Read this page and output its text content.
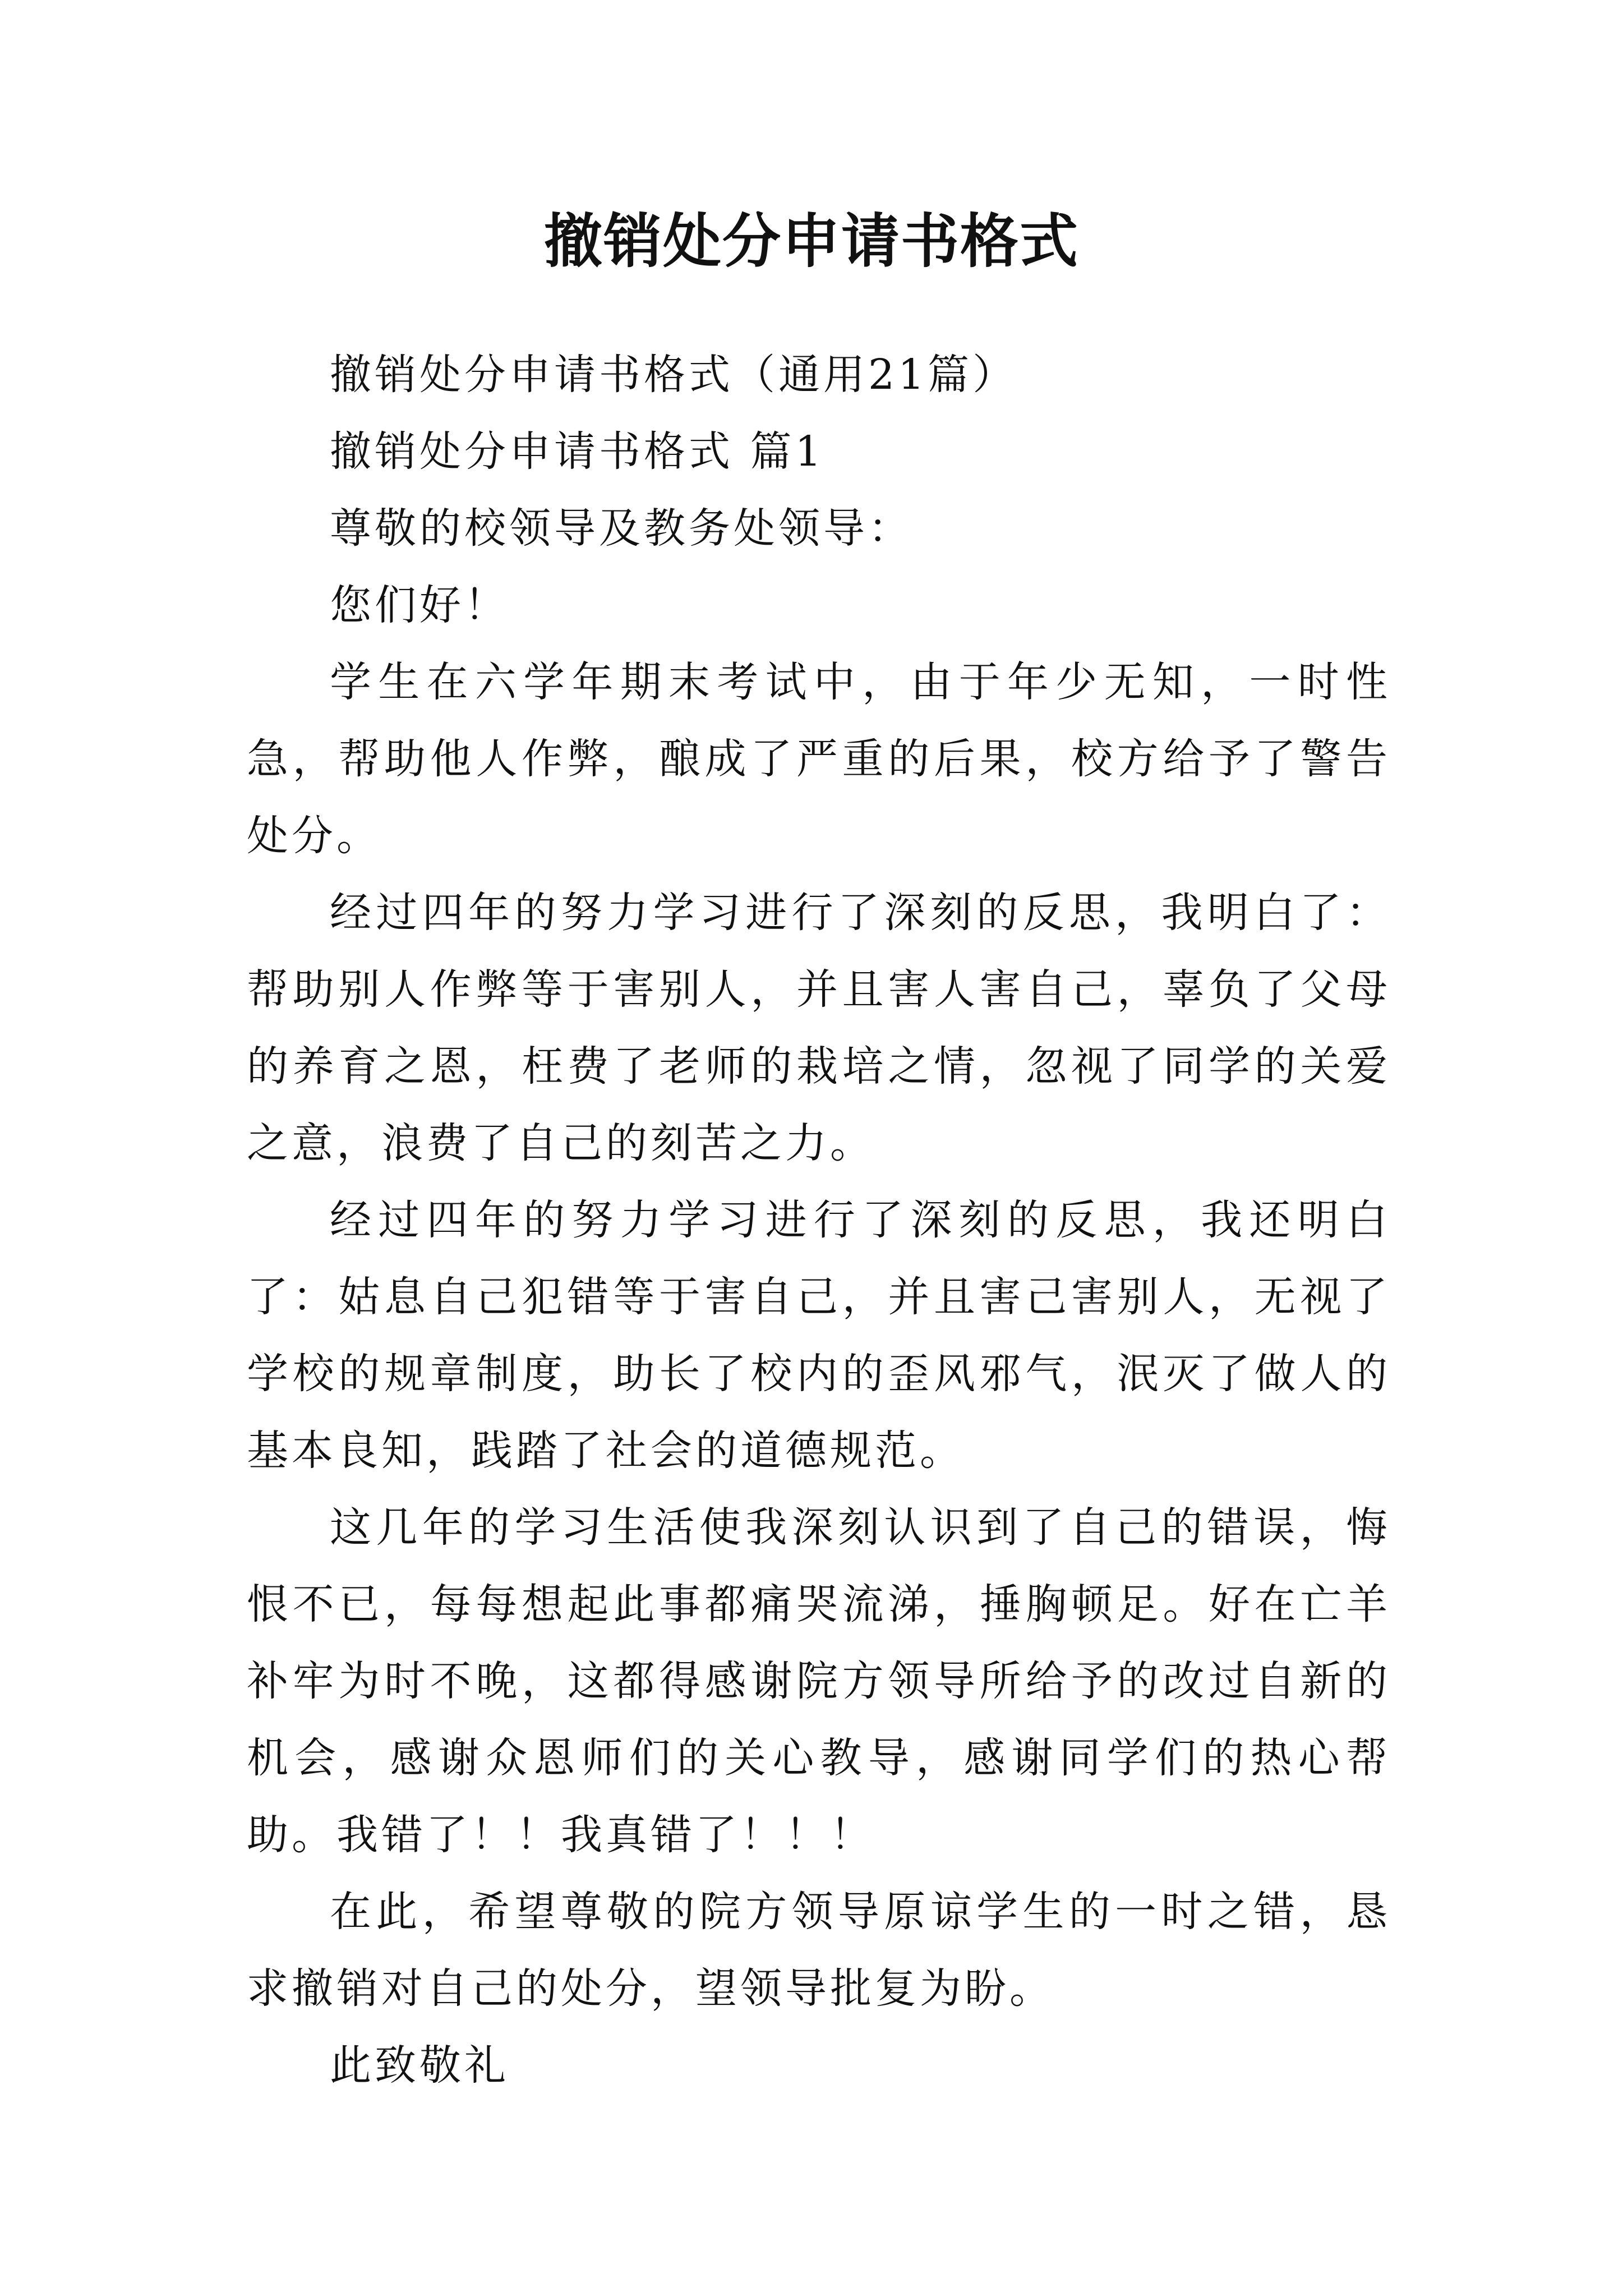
撤销处分申请书格式

撤销处分申请书格式（通用21篇）

撤销处分申请书格式 篇1

尊敬的校领导及教务处领导：

您们好！

学生在六学年期末考试中，由于年少无知，一时性急，帮助他人作弊，酿成了严重的后果，校方给予了警告处分。

经过四年的努力学习进行了深刻的反思，我明白了：帮助别人作弊等于害别人，并且害人害自己，辜负了父母的养育之恩，枉费了老师的栽培之情，忽视了同学的关爱之意，浪费了自己的刻苦之力。

经过四年的努力学习进行了深刻的反思，我还明白了：姑息自己犯错等于害自己，并且害己害别人，无视了学校的规章制度，助长了校内的歪风邪气，泯灭了做人的基本良知，践踏了社会的道德规范。

这几年的学习生活使我深刻认识到了自己的错误，悔恨不已，每每想起此事都痛哭流涕，捶胸顿足。好在亡羊补牢为时不晚，这都得感谢院方领导所给予的改过自新的机会，感谢众恩师们的关心教导，感谢同学们的热心帮助。我错了！！我真错了！！！

在此，希望尊敬的院方领导原谅学生的一时之错，恳求撤销对自己的处分，望领导批复为盼。

此致敬礼
